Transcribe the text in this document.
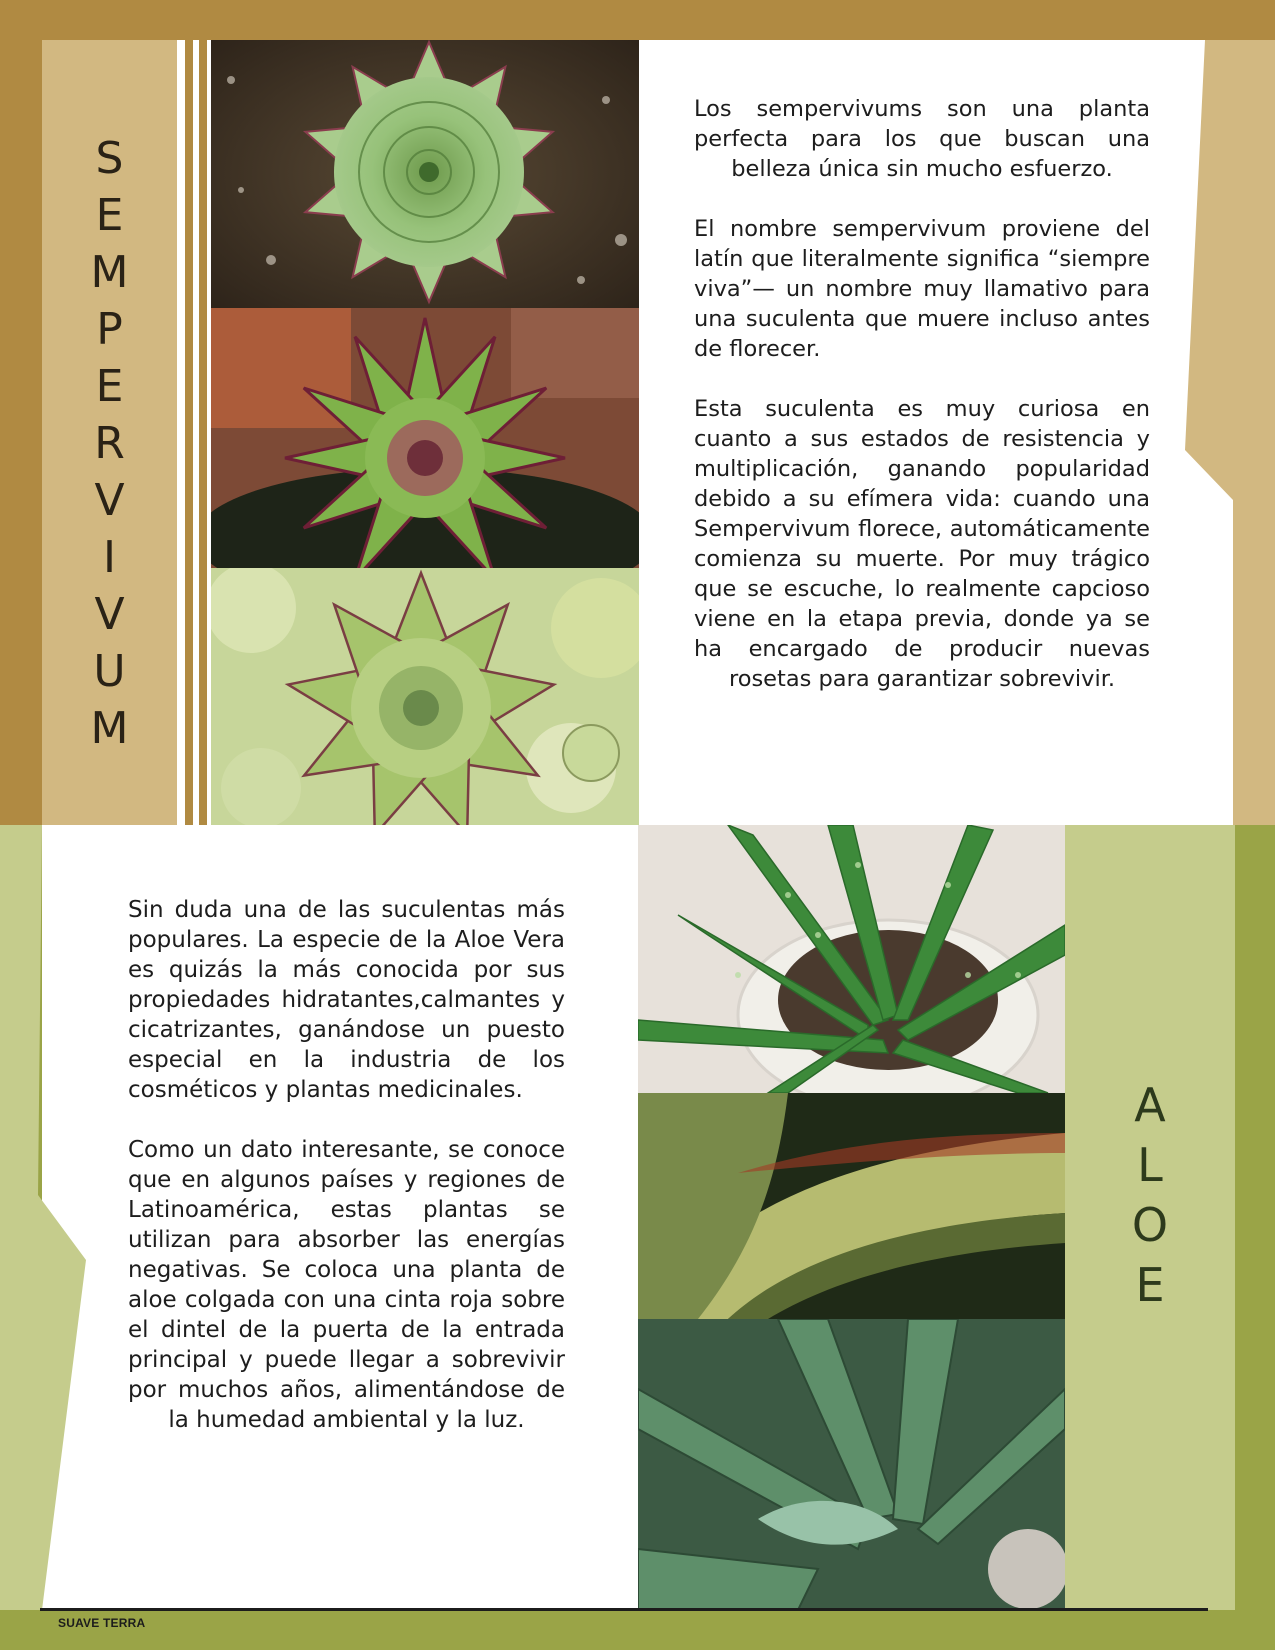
S
E
M
P
E
R
V
I
V
U
M

Los sempervivums son una planta perfecta para los que buscan una belleza única sin mucho esfuerzo.

El nombre sempervivum proviene del latín que literalmente significa “siempre viva”— un nombre muy llamativo para una suculenta que muere incluso antes de florecer.

Esta suculenta es muy curiosa en cuanto a sus estados de resistencia y multiplicación, ganando popularidad debido a su efímera vida: cuando una Sempervivum florece, automáticamente comienza su muerte. Por muy trágico que se escuche, lo realmente capcioso viene en la etapa previa, donde ya se ha encargado de producir nuevas rosetas para garantizar sobrevivir.

A
L
O
E

Sin duda una de las suculentas más populares. La especie de la Aloe Vera es quizás la más conocida por sus propiedades hidratantes,calmantes y cicatrizantes, ganándose un puesto especial en la industria de los cosméticos y plantas medicinales.

Como un dato interesante, se conoce que en algunos países y regiones de Latinoamérica, estas plantas se utilizan para absorber las energías negativas. Se coloca una planta de aloe colgada con una cinta roja sobre el dintel de la puerta de la entrada principal y puede llegar a sobrevivir por muchos años, alimentándose de la humedad ambiental y la luz.

SUAVE TERRA
